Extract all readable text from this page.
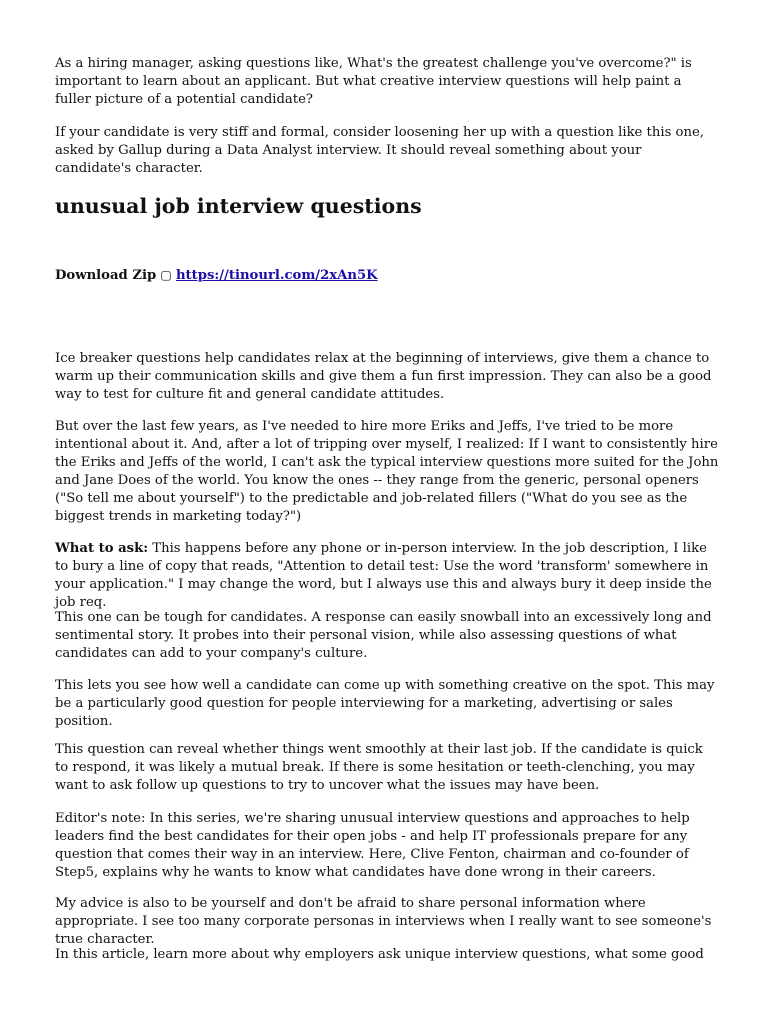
As a hiring manager, asking questions like, What's the greatest challenge you've overcome?" is important to learn about an applicant. But what creative interview questions will help paint a fuller picture of a potential candidate?

If your candidate is very stiff and formal, consider loosening her up with a question like this one, asked by Gallup during a Data Analyst interview. It should reveal something about your candidate's character.

unusual job interview questions
Download Zip ▢ https://tinourl.com/2xAn5K

Ice breaker questions help candidates relax at the beginning of interviews, give them a chance to warm up their communication skills and give them a fun first impression. They can also be a good way to test for culture fit and general candidate attitudes.

But over the last few years, as I've needed to hire more Eriks and Jeffs, I've tried to be more intentional about it. And, after a lot of tripping over myself, I realized: If I want to consistently hire the Eriks and Jeffs of the world, I can't ask the typical interview questions more suited for the John and Jane Does of the world. You know the ones -- they range from the generic, personal openers ("So tell me about yourself") to the predictable and job-related fillers ("What do you see as the biggest trends in marketing today?")

What to ask: This happens before any phone or in-person interview. In the job description, I like to bury a line of copy that reads, "Attention to detail test: Use the word 'transform' somewhere in your application." I may change the word, but I always use this and always bury it deep inside the job req.

This one can be tough for candidates. A response can easily snowball into an excessively long and sentimental story. It probes into their personal vision, while also assessing questions of what candidates can add to your company's culture.

This lets you see how well a candidate can come up with something creative on the spot. This may be a particularly good question for people interviewing for a marketing, advertising or sales position.

This question can reveal whether things went smoothly at their last job. If the candidate is quick to respond, it was likely a mutual break. If there is some hesitation or teeth-clenching, you may want to ask follow up questions to try to uncover what the issues may have been.

Editor's note: In this series, we're sharing unusual interview questions and approaches to help leaders find the best candidates for their open jobs - and help IT professionals prepare for any question that comes their way in an interview. Here, Clive Fenton, chairman and co-founder of Step5, explains why he wants to know what candidates have done wrong in their careers.

My advice is also to be yourself and don't be afraid to share personal information where appropriate. I see too many corporate personas in interviews when I really want to see someone's true character.

In this article, learn more about why employers ask unique interview questions, what some good
